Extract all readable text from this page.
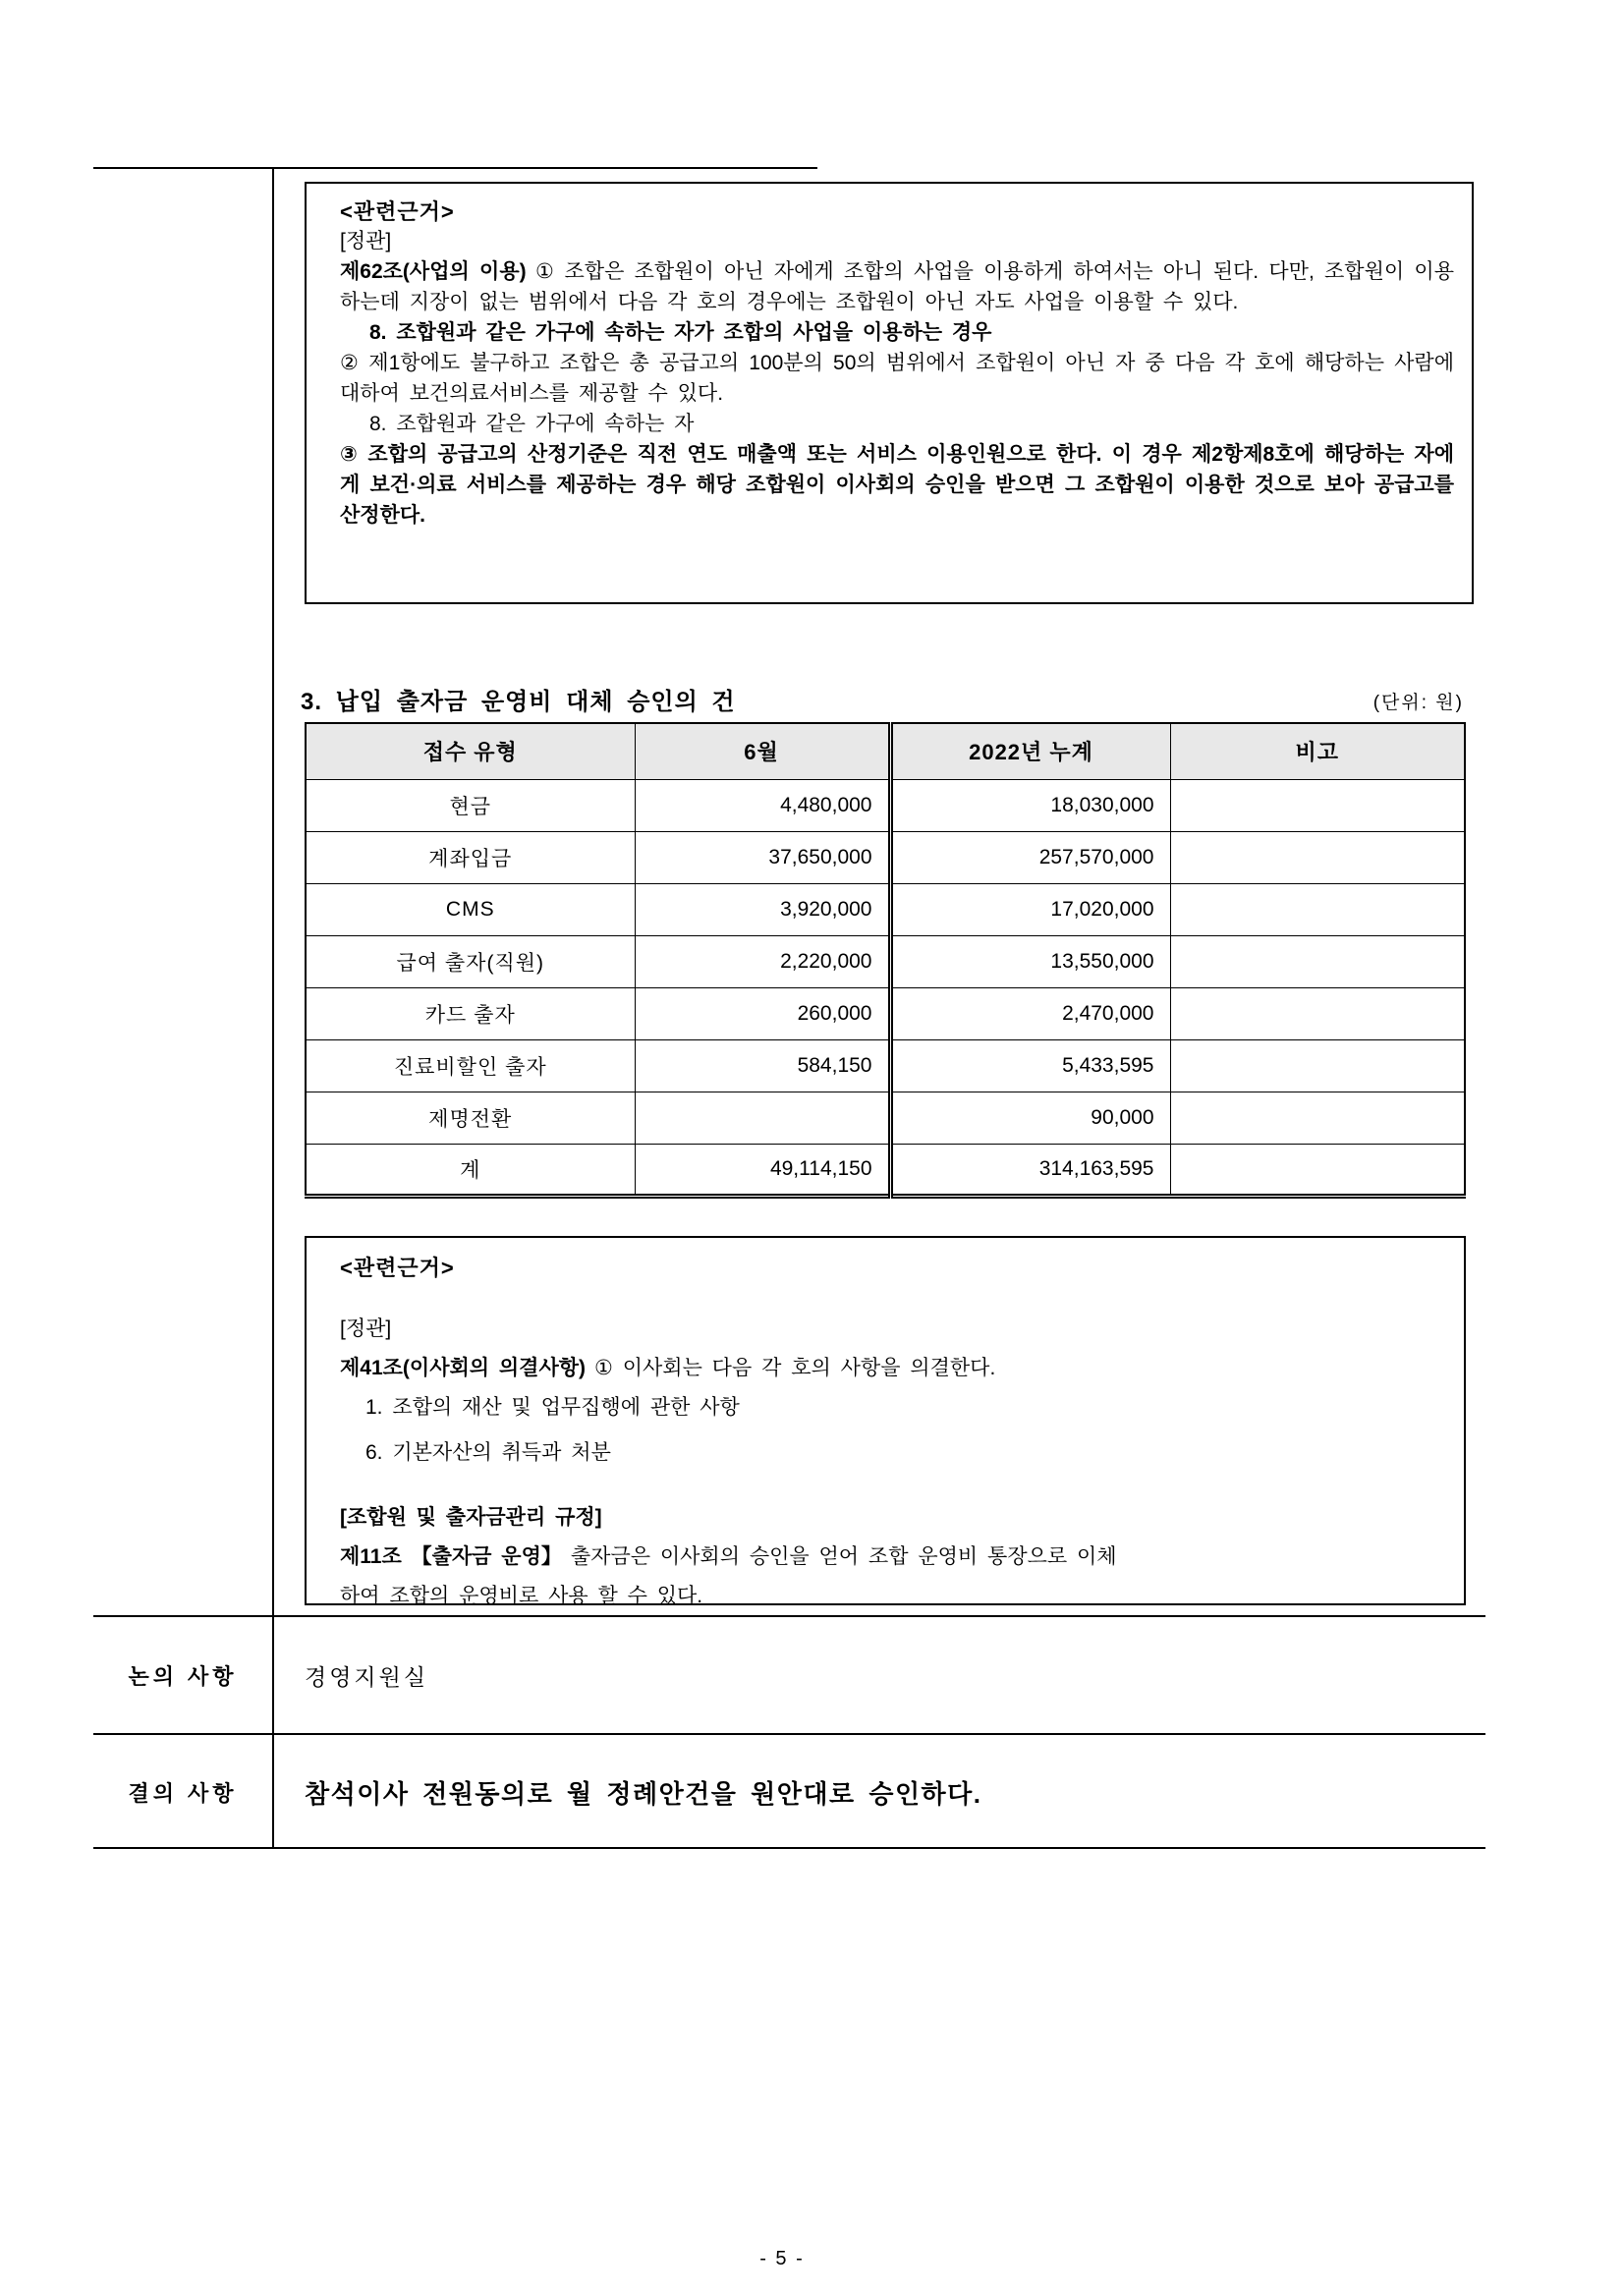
<관련근거>

[정관]

제62조(사업의 이용) ① 조합은 조합원이 아닌 자에게 조합의 사업을 이용하게 하여서는 아니 된다. 다만, 조합원이 이용하는데 지장이 없는 범위에서 다음 각 호의 경우에는 조합원이 아닌 자도 사업을 이용할 수 있다.

8. 조합원과 같은 가구에 속하는 자가 조합의 사업을 이용하는 경우

② 제1항에도 불구하고 조합은 총 공급고의 100분의 50의 범위에서 조합원이 아닌 자 중 다음 각 호에 해당하는 사람에 대하여 보건의료서비스를 제공할 수 있다.

8. 조합원과 같은 가구에 속하는 자

③ 조합의 공급고의 산정기준은 직전 연도 매출액 또는 서비스 이용인원으로 한다. 이 경우 제2항제8호에 해당하는 자에게 보건·의료 서비스를 제공하는 경우 해당 조합원이 이사회의 승인을 받으면 그 조합원이 이용한 것으로 보아 공급고를 산정한다.

3. 납입 출자금 운영비 대체 승인의 건	(단위: 원)
접수 유형	6월	2022년 누계	비고
현금	4,480,000	18,030,000	
계좌입금	37,650,000	257,570,000	
CMS	3,920,000	17,020,000	
급여 출자(직원)	2,220,000	13,550,000	
카드 출자	260,000	2,470,000	
진료비할인 출자	584,150	5,433,595	
제명전환		90,000	
계	49,114,150	314,163,595	

<관련근거>

[정관]

제41조(이사회의 의결사항) ① 이사회는 다음 각 호의 사항을 의결한다.

1. 조합의 재산 및 업무집행에 관한 사항

6. 기본자산의 취득과 처분

[조합원 및 출자금관리 규정]

제11조 【출자금 운영】 출자금은 이사회의 승인을 얻어 조합 운영비 통장으로 이체

하여 조합의 운영비로 사용 할 수 있다.

논의 사항	경영지원실
결의 사항	참석이사 전원동의로 월 정례안건을 원안대로 승인하다.
- 5 -
